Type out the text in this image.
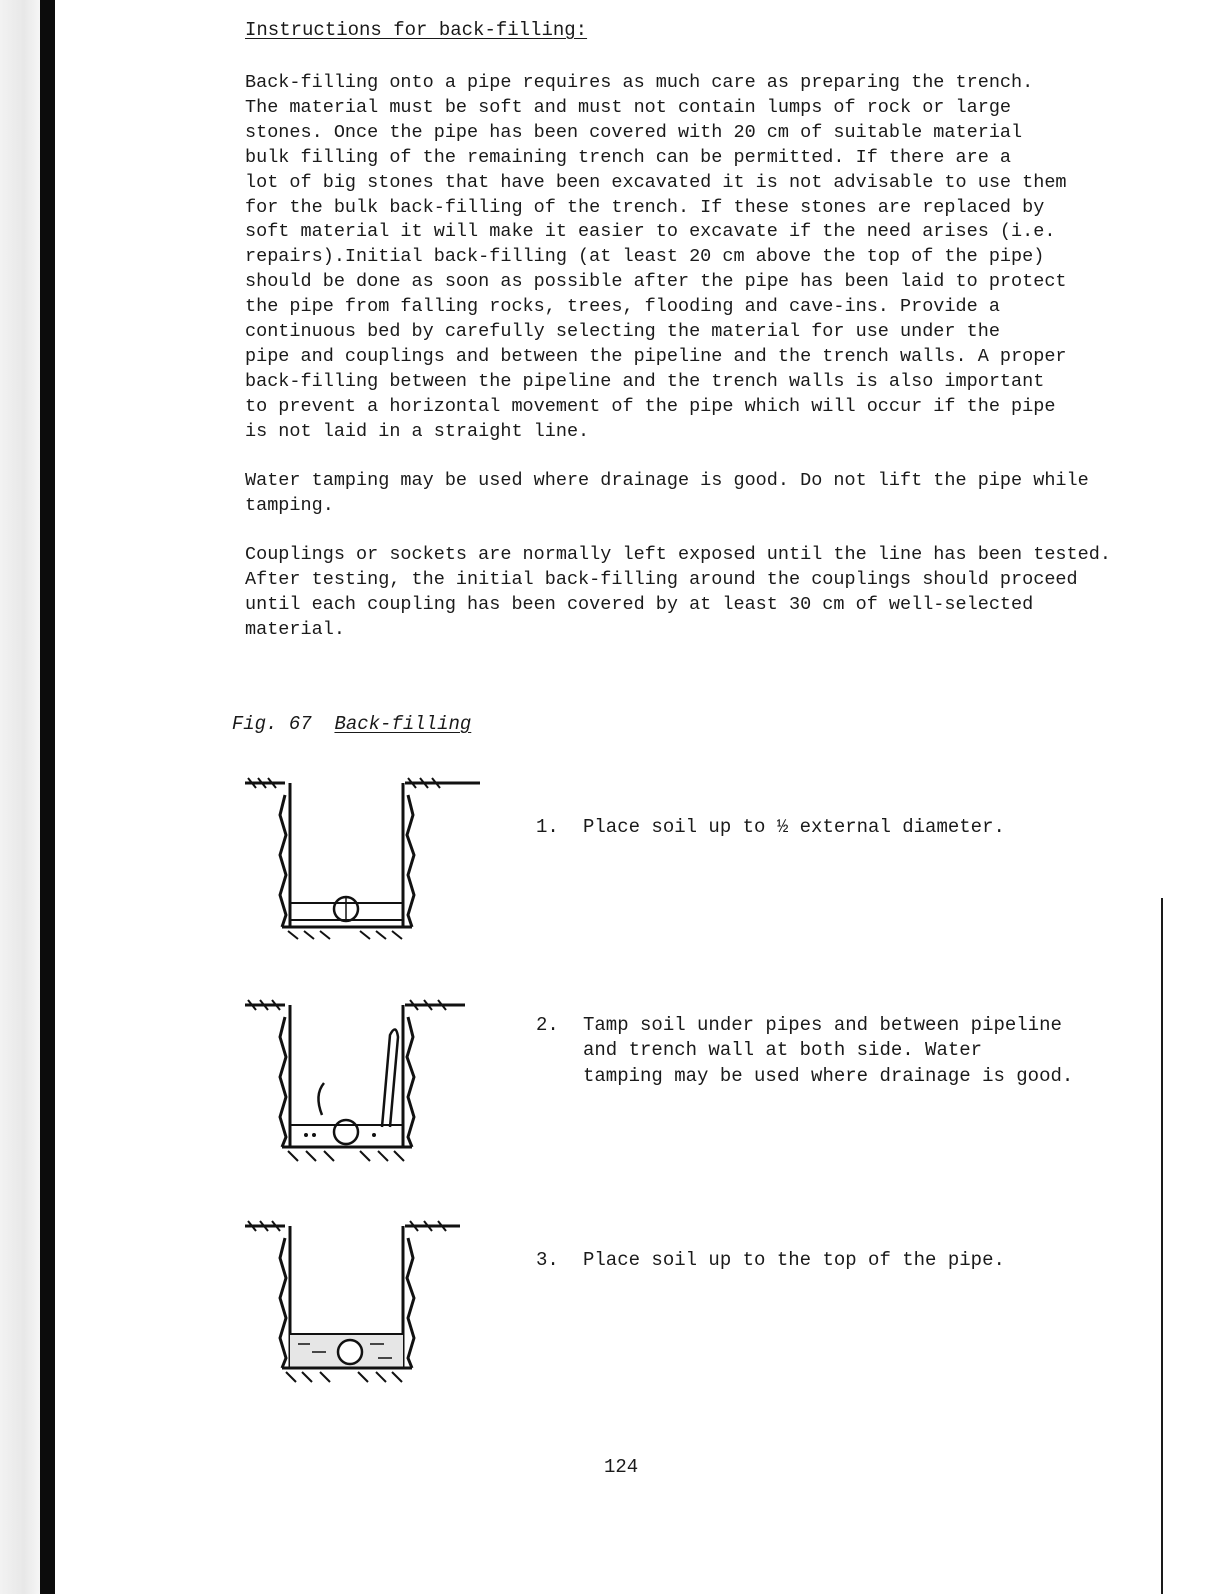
Instructions for back-filling:
Back-filling onto a pipe requires as much care as preparing the trench.
The material must be soft and must not contain lumps of rock or large
stones. Once the pipe has been covered with 20 cm of suitable material
bulk filling of the remaining trench can be permitted. If there are a
lot of big stones that have been excavated it is not advisable to use them
for the bulk back-filling of the trench. If these stones are replaced by
soft material it will make it easier to excavate if the need arises (i.e.
repairs).Initial back-filling (at least 20 cm above the top of the pipe)
should be done as soon as possible after the pipe has been laid to protect
the pipe from falling rocks, trees, flooding and cave-ins. Provide a
continuous bed by carefully selecting the material for use under the
pipe and couplings and between the pipeline and the trench walls. A proper
back-filling between the pipeline and the trench walls is also important
to prevent a horizontal movement of the pipe which will occur if the pipe
is not laid in a straight line.
Water tamping may be used where drainage is good. Do not lift the pipe while
tamping.
Couplings or sockets are normally left exposed until the line has been tested.
After testing, the initial back-filling around the couplings should proceed
until each coupling has been covered by at least 30 cm of well-selected
material.

Fig. 67 Back-filling

1.	Place soil up to ½ external diameter.
2.	Tamp soil under pipes and between pipeline
and trench wall at both side. Water
tamping may be used where drainage is good.
3.	Place soil up to the top of the pipe.
124
